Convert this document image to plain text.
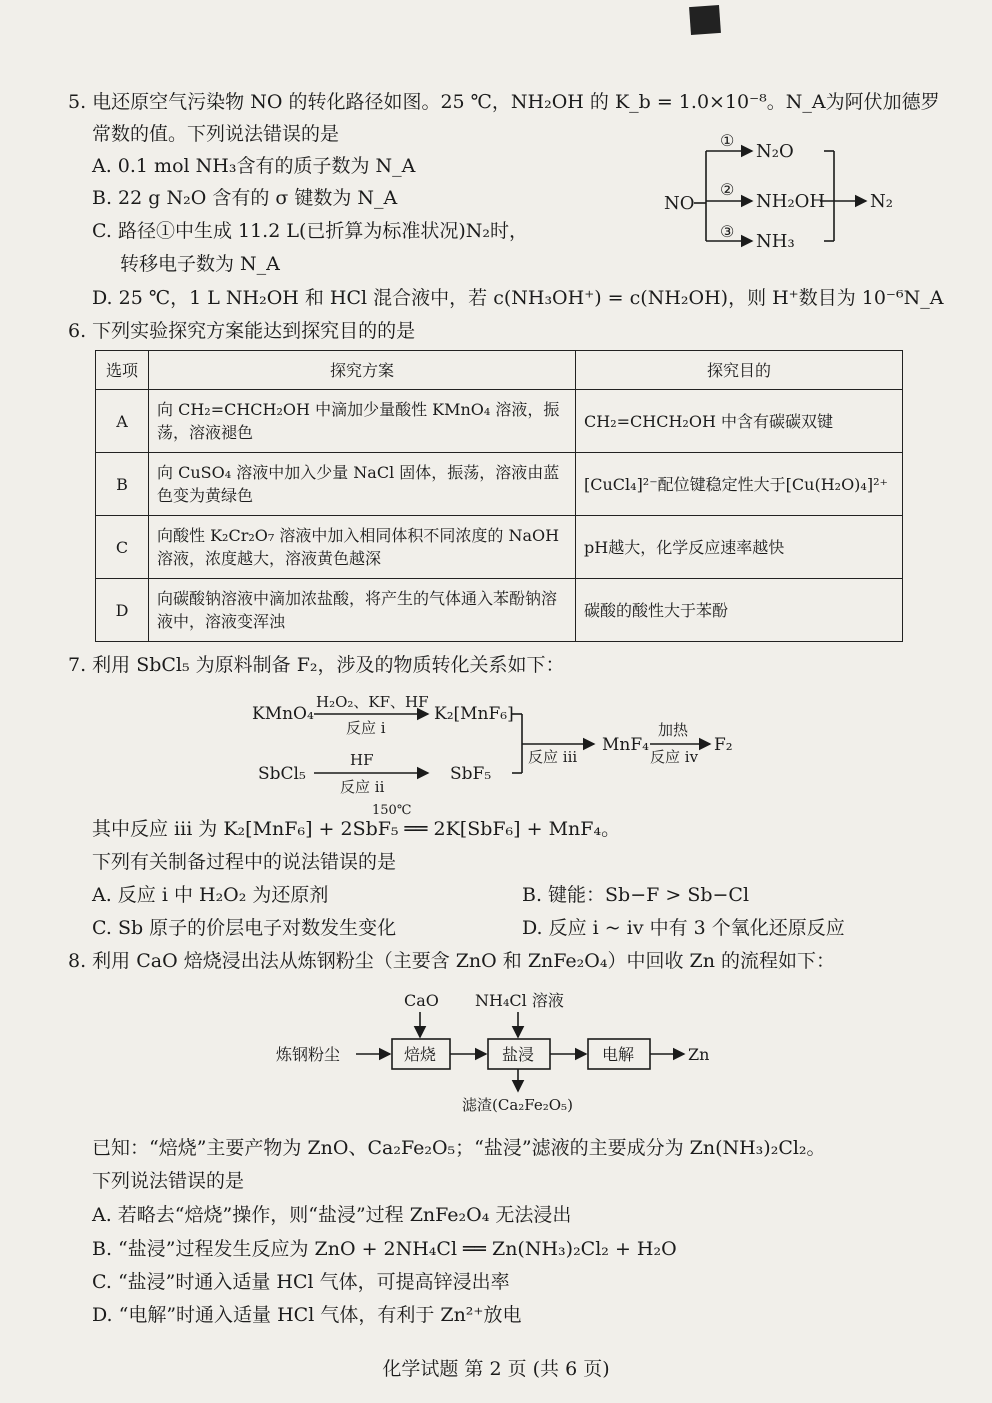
5. 电还原空气污染物 NO 的转化路径如图。25 ℃，NH₂OH 的 K_b = 1.0×10⁻⁸。N_A为阿伏加德罗
常数的值。下列说法错误的是
A. 0.1 mol NH₃含有的质子数为 N_A
B. 22 g N₂O 含有的 σ 键数为 N_A
C. 路径①中生成 11.2 L(已折算为标准状况)N₂时，
转移电子数为 N_A
D. 25 ℃，1 L NH₂OH 和 HCl 混合液中，若 c(NH₃OH⁺) = c(NH₂OH)，则 H⁺数目为 10⁻⁶N_A
NO
①
②
③
N₂O
NH₂OH
NH₃
N₂
6. 下列实验探究方案能达到探究目的的是
选项	探究方案	探究目的
A	向 CH₂=CHCH₂OH 中滴加少量酸性 KMnO₄ 溶液，振荡，溶液褪色	CH₂=CHCH₂OH 中含有碳碳双键
B	向 CuSO₄ 溶液中加入少量 NaCl 固体，振荡，溶液由蓝色变为黄绿色	[CuCl₄]²⁻配位键稳定性大于[Cu(H₂O)₄]²⁺
C	向酸性 K₂Cr₂O₇ 溶液中加入相同体积不同浓度的 NaOH 溶液，浓度越大，溶液黄色越深	pH越大，化学反应速率越快
D	向碳酸钠溶液中滴加浓盐酸，将产生的气体通入苯酚钠溶液中，溶液变浑浊	碳酸的酸性大于苯酚
7. 利用 SbCl₅ 为原料制备 F₂，涉及的物质转化关系如下：
KMnO₄
H₂O₂、KF、HF
反应 i
K₂[MnF₆]
SbCl₅
HF
反应 ii
SbF₅
反应 iii
MnF₄
加热
反应 iv
F₂
150℃
其中反应 iii 为 K₂[MnF₆] + 2SbF₅ ══ 2K[SbF₆] + MnF₄。
下列有关制备过程中的说法错误的是
A. 反应 i 中 H₂O₂ 为还原剂	B. 键能：Sb−F > Sb−Cl
C. Sb 原子的价层电子对数发生变化	D. 反应 i ~ iv 中有 3 个氧化还原反应
8. 利用 CaO 焙烧浸出法从炼钢粉尘（主要含 ZnO 和 ZnFe₂O₄）中回收 Zn 的流程如下：
CaO NH₄Cl 溶液
炼钢粉尘	焙烧	盐浸	电解	Zn
滤渣(Ca₂Fe₂O₅)
已知：“焙烧”主要产物为 ZnO、Ca₂Fe₂O₅；“盐浸”滤液的主要成分为 Zn(NH₃)₂Cl₂。
下列说法错误的是
A. 若略去“焙烧”操作，则“盐浸”过程 ZnFe₂O₄ 无法浸出
B. “盐浸”过程发生反应为 ZnO + 2NH₄Cl ══ Zn(NH₃)₂Cl₂ + H₂O
C. “盐浸”时通入适量 HCl 气体，可提高锌浸出率
D. “电解”时通入适量 HCl 气体，有利于 Zn²⁺放电
化学试题 第 2 页 (共 6 页)
